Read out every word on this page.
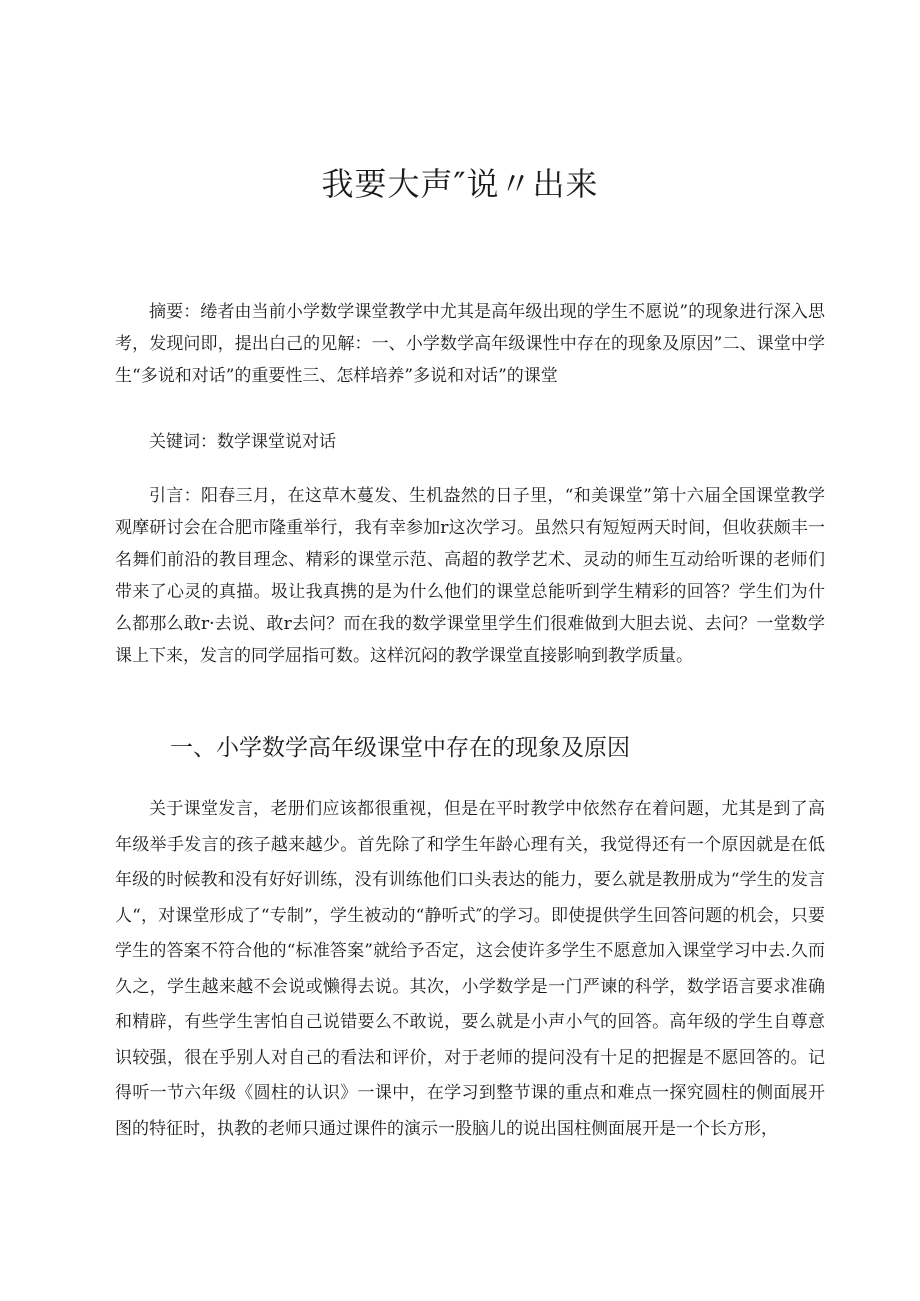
我要大声″说〃出来
摘要：绻者由当前小学数学课堂教学中尤其是高年级出现的学生不愿说”的现象进行深入思考，发现问即，提出白己的见解：一、小学数学高年级课性中存在的现象及原因”二、课堂中学生“多说和对话”的重要性三、怎样培养”多说和对话”的课堂
关键词：数学课堂说对话
引言：阳春三月，在这草木蔓发、生机盎然的日子里，“和美课堂”第十六届全国课堂教学观摩研讨会在合肥市隆重举行，我有幸参加r这次学习。虽然只有短短两天时间，但收获颇丰一名舞们前沿的教目理念、精彩的课堂示范、高超的教学艺术、灵动的师生互动给听课的老师们带来了心灵的真描。圾让我真携的是为什么他们的课堂总能听到学生精彩的回答？学生们为什么都那么敢r·去说、敢r去问？而在我的数学课堂里学生们很难做到大胆去说、去问？一堂数学课上下来，发言的同学屈指可数。这样沉闷的教学课堂直接影响到教学质量。
一、小学数学高年级课堂中存在的现象及原因
关于课堂发言，老册们应该都很重视，但是在平时教学中依然存在着问题，尤其是到了高年级举手发言的孩子越来越少。首先除了和学生年龄心理有关，我觉得还有一个原因就是在低年级的时候教和没有好好训练，没有训练他们口头表达的能力，要么就是教册成为“学生的发言人“，对课堂形成了“专制”，学生被动的“静听式″的学习。即使提供学生回答问题的机会，只要学生的答案不符合他的“标准答案”就给予否定，这会使许多学生不愿意加入课堂学习中去.久而久之，学生越来越不会说或懒得去说。其次，小学数学是一门严谏的科学，数学语言要求准确和精辟，有些学生害怕自己说错要么不敢说，要么就是小声小气的回答。高年级的学生自尊意识较强，很在乎别人对自己的看法和评价，对于老师的提问没有十足的把握是不愿回答的。记得听一节六年级《圆柱的认识》一课中，在学习到整节课的重点和难点一探究圆柱的侧面展开图的特征时，执教的老师只通过课件的演示一股脑儿的说出国柱侧面展开是一个长方形，
